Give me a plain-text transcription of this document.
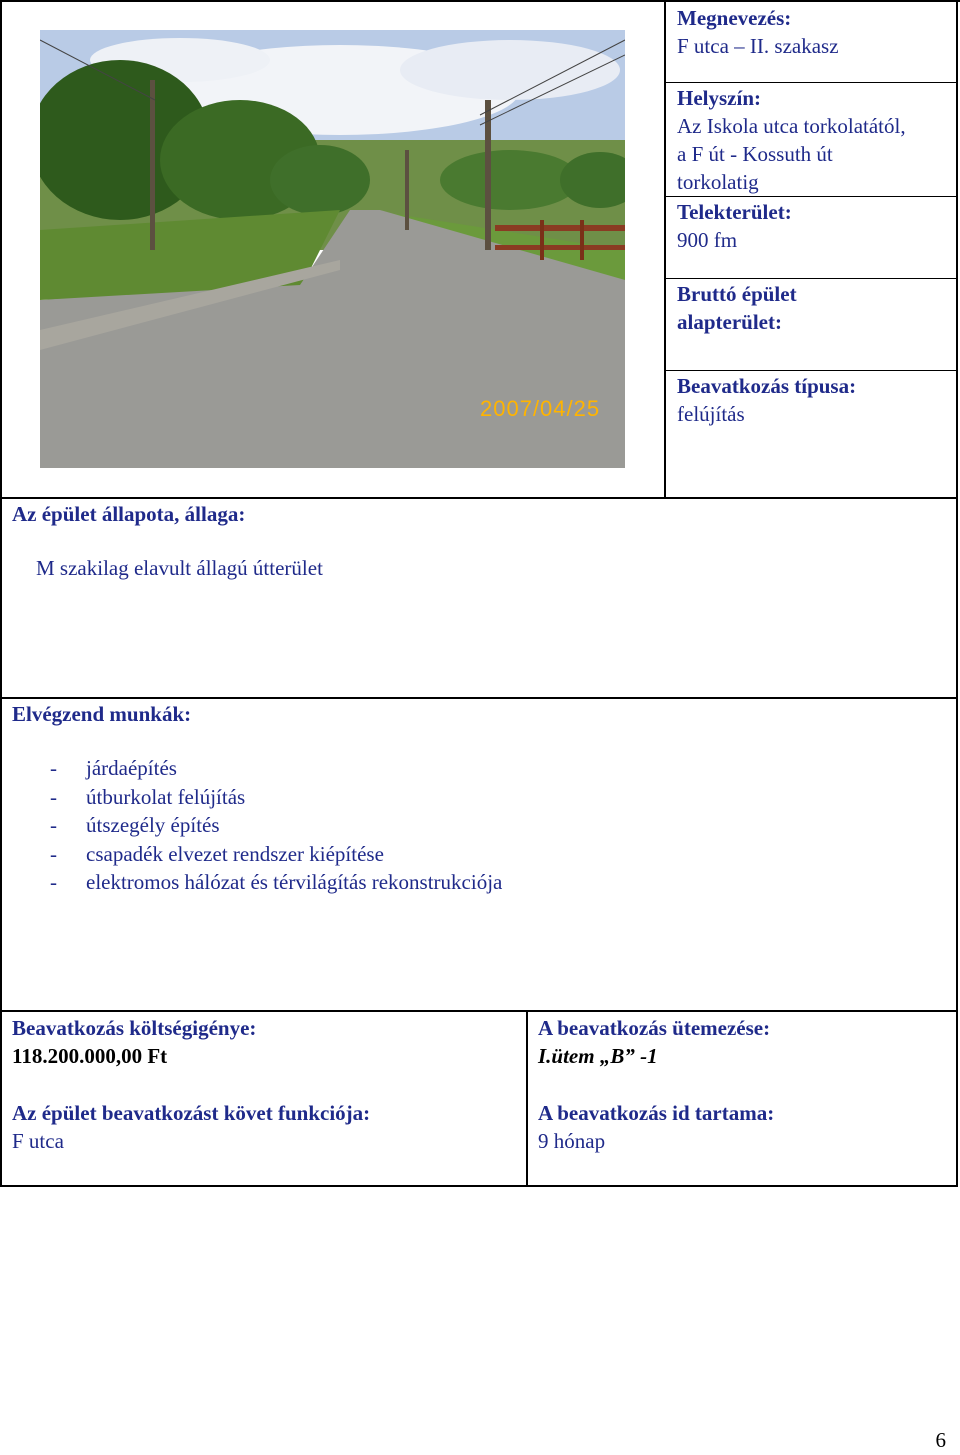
2007/04/25
Megnevezés:
F utca – II. szakasz
Helyszín:
Az Iskola utca torkolatától,
a F út - Kossuth út
torkolatig
Telekterület:
900 fm
Bruttó épület
alapterület:
Beavatkozás típusa:
felújítás
Az épület állapota, állaga:
M szakilag elavult állagú útterület
Elvégzend munkák:
- járdaépítés
- útburkolat felújítás
- útszegély építés
- csapadék elvezet rendszer kiépítése
- elektromos hálózat és térvilágítás rekonstrukciója
Beavatkozás költségigénye:
118.200.000,00 Ft
A beavatkozás ütemezése:
I.ütem „B” -1
Az épület beavatkozást követ funkciója:
F utca
A beavatkozás id tartama:
9 hónap
6
